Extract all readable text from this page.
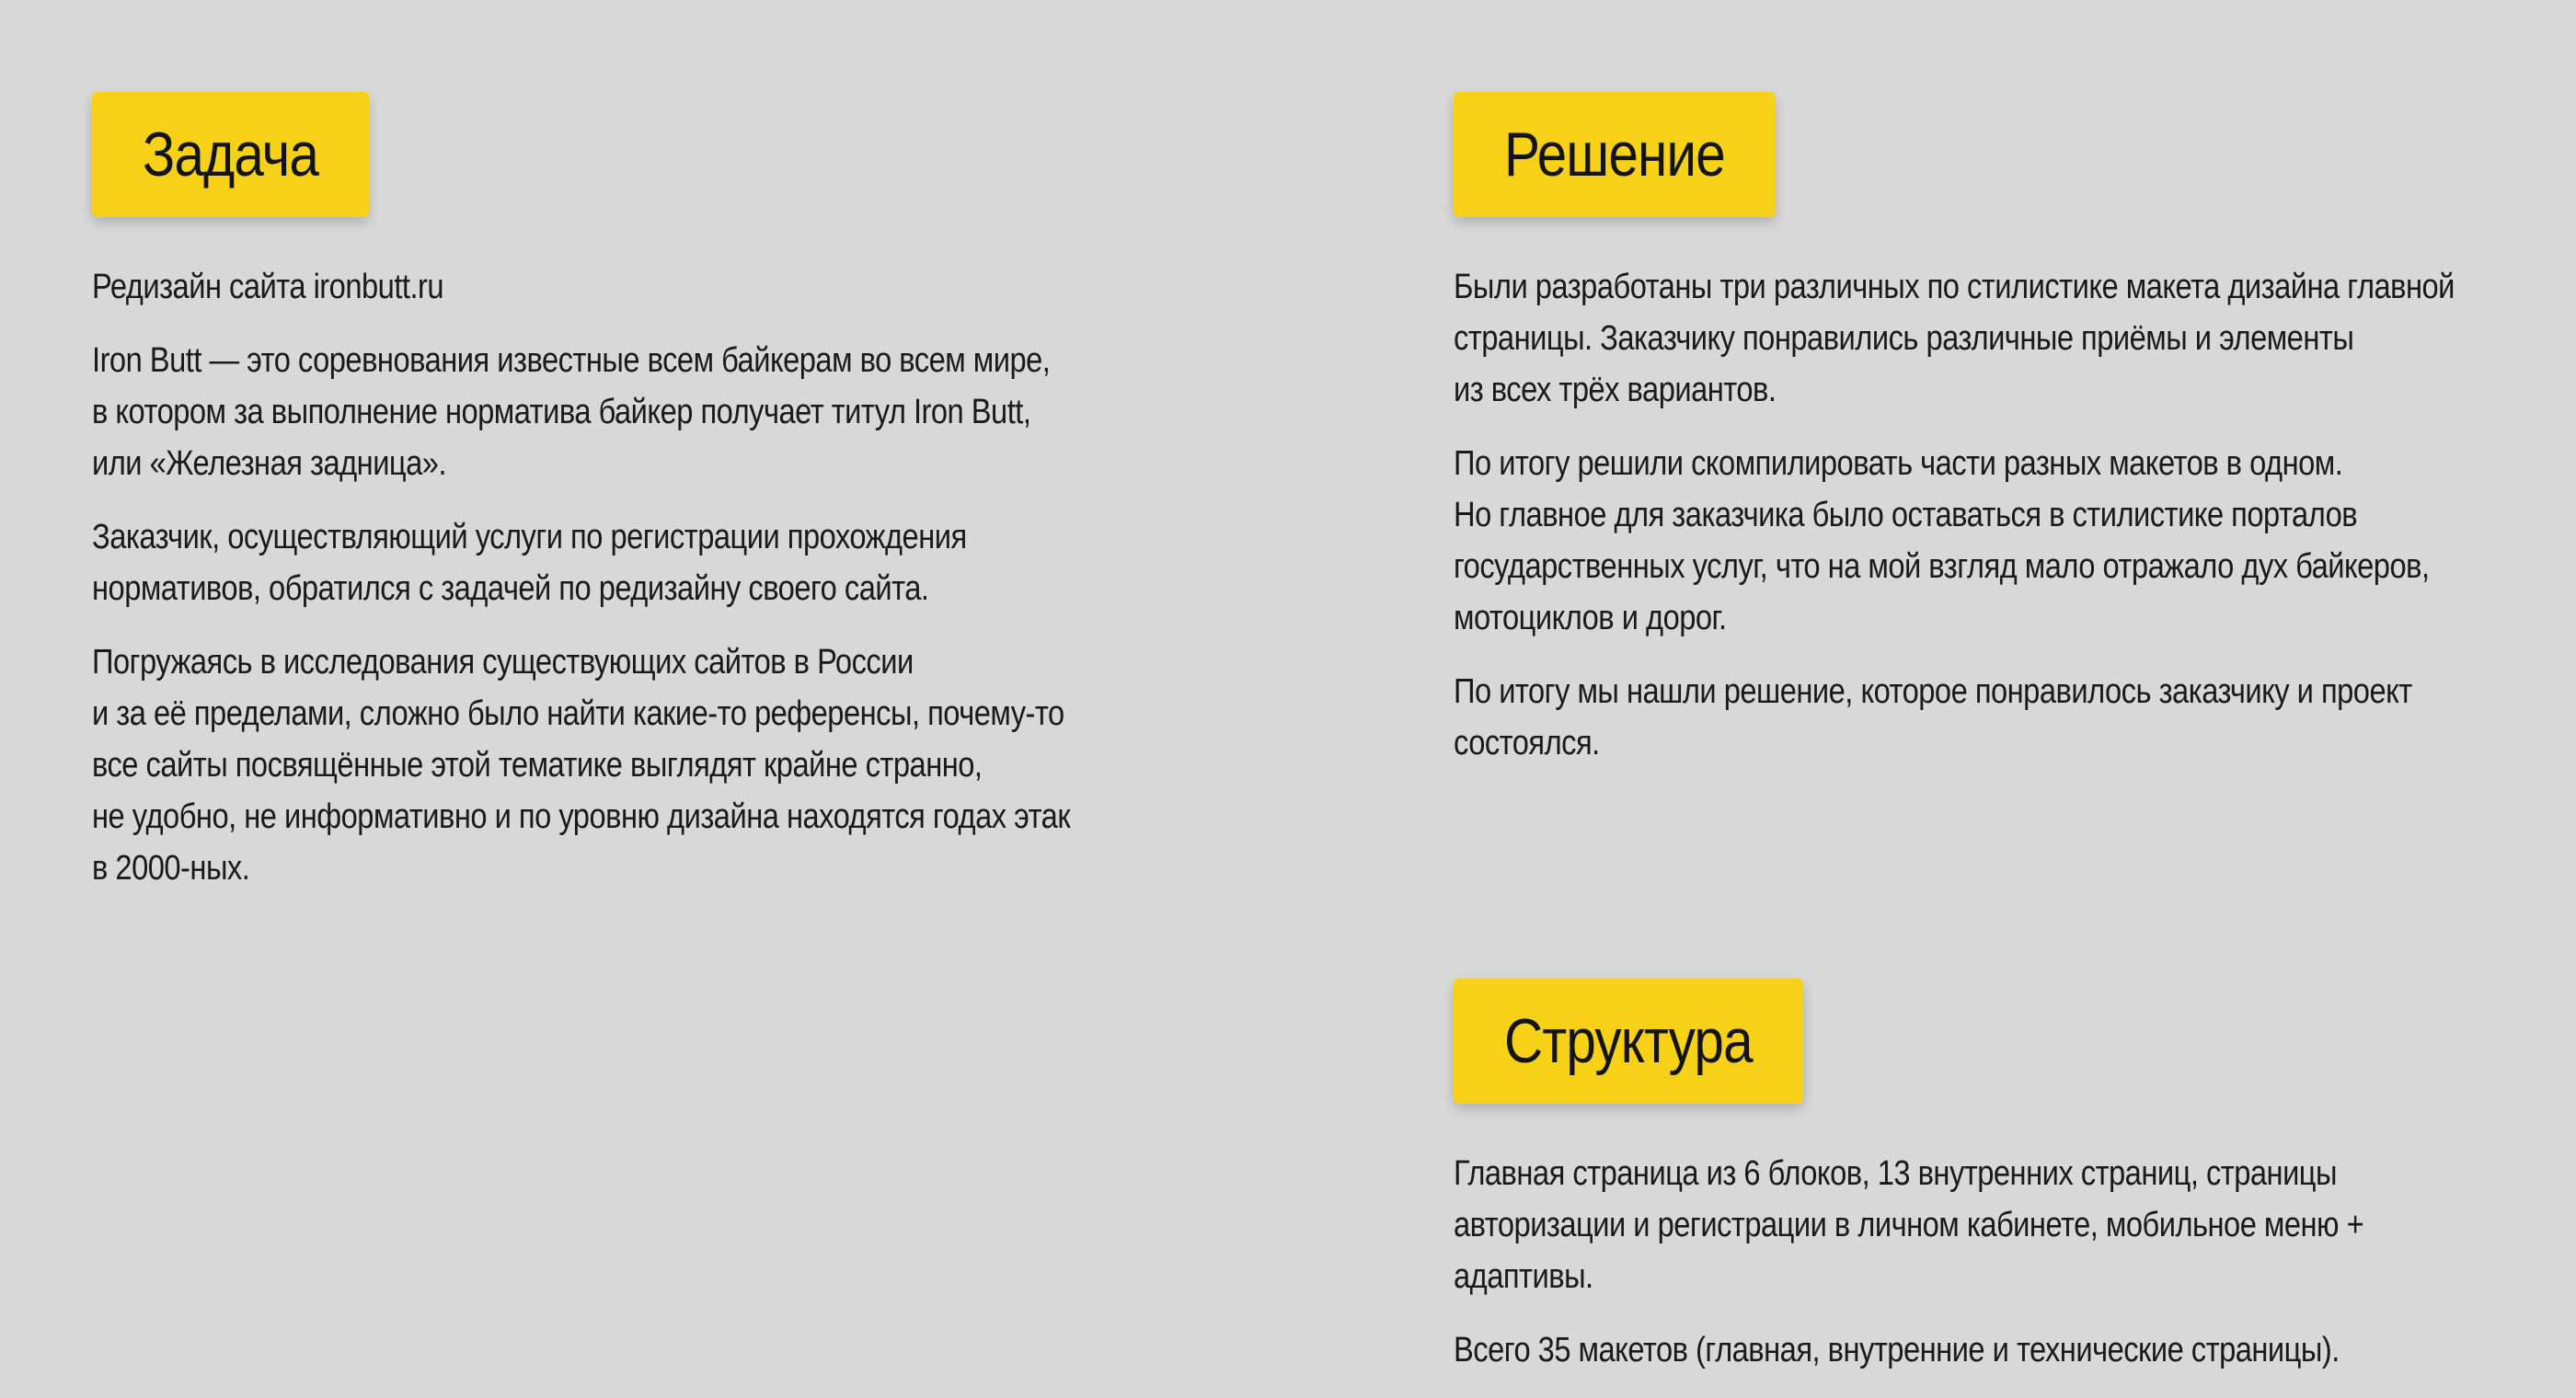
Задача

Редизайн сайта ironbutt.ru

Iron Butt — это соревнования известные всем байкерам во всем мире,
в котором за выполнение норматива байкер получает титул Iron Butt,
или «Железная задница».

Заказчик, осуществляющий услуги по регистрации прохождения
нормативов, обратился с задачей по редизайну своего сайта.

Погружаясь в исследования существующих сайтов в России
и за её пределами, сложно было найти какие-то референсы, почему-то
все сайты посвящённые этой тематике выглядят крайне странно,
не удобно, не информативно и по уровню дизайна находятся годах этак
в 2000-ных.

Решение

Были разработаны три различных по стилистике макета дизайна главной
страницы. Заказчику понравились различные приёмы и элементы
из всех трёх вариантов.

По итогу решили скомпилировать части разных макетов в одном.
Но главное для заказчика было оставаться в стилистике порталов
государственных услуг, что на мой взгляд мало отражало дух байкеров,
мотоциклов и дорог.

По итогу мы нашли решение, которое понравилось заказчику и проект
состоялся.

Структура

Главная страница из 6 блоков, 13 внутренних страниц, страницы
авторизации и регистрации в личном кабинете, мобильное меню +
адаптивы.

Всего 35 макетов (главная, внутренние и технические страницы).
